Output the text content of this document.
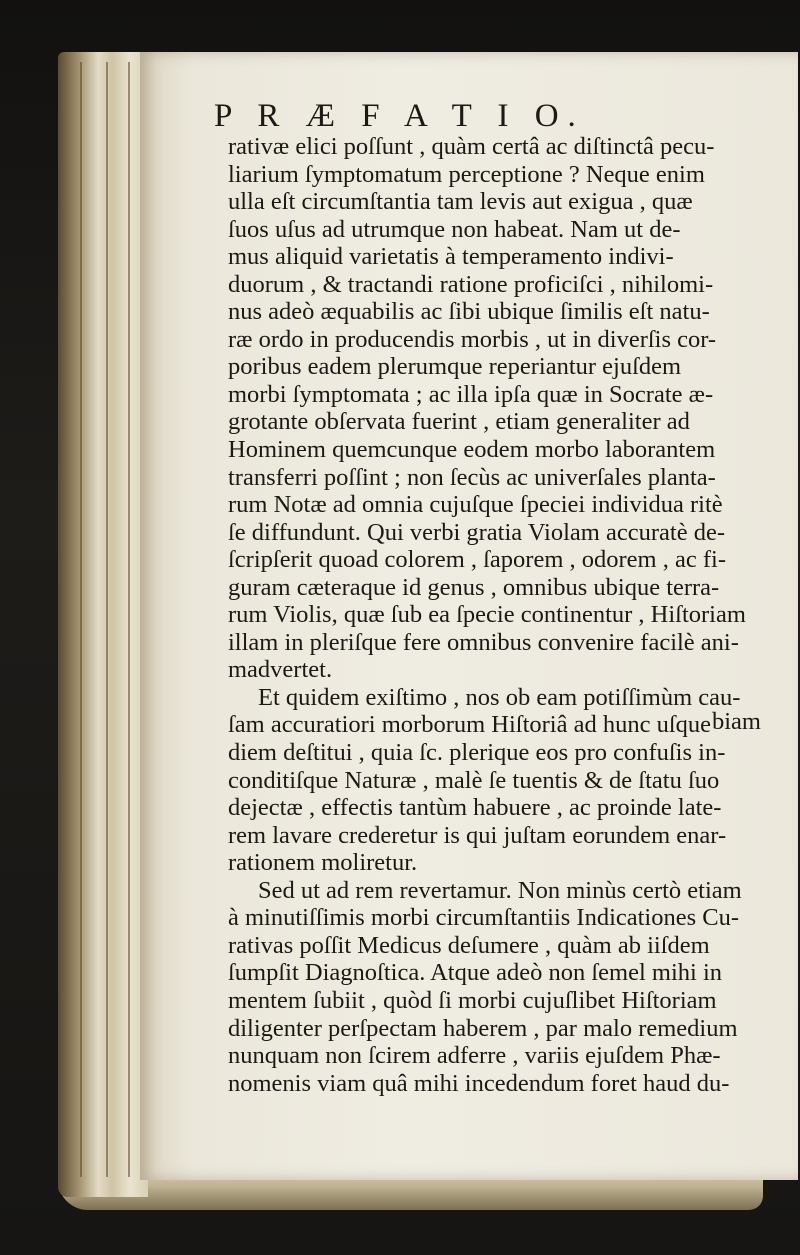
P R Æ F A T I O.
rativæ elici poſſunt , quàm certâ ac diſtinctâ pecu-
liarium ſymptomatum perceptione ? Neque enim
ulla eſt circumſtantia tam levis aut exigua , quæ
ſuos uſus ad utrumque non habeat. Nam ut de-
mus aliquid varietatis à temperamento indivi-
duorum , & tractandi ratione proficiſci , nihilomi-
nus adeò æquabilis ac ſibi ubique ſimilis eſt natu-
ræ ordo in producendis morbis , ut in diverſis cor-
poribus eadem plerumque reperiantur ejuſdem
morbi ſymptomata ; ac illa ipſa quæ in Socrate æ-
grotante obſervata fuerint , etiam generaliter ad
Hominem quemcunque eodem morbo laborantem
transferri poſſint ; non ſecùs ac univerſales planta-
rum Notæ ad omnia cujuſque ſpeciei individua ritè
ſe diffundunt. Qui verbi gratia Violam accuratè de-
ſcripſerit quoad colorem , ſaporem , odorem , ac fi-
guram cæteraque id genus , omnibus ubique terra-
rum Violis, quæ ſub ea ſpecie continentur , Hiſtoriam
illam in pleriſque fere omnibus convenire facilè ani-
madvertet.
Et quidem exiſtimo , nos ob eam potiſſimùm cau-
ſam accuratiori morborum Hiſtoriâ ad hunc uſque
diem deſtitui , quia ſc. plerique eos pro confuſis in-
conditiſque Naturæ , malè ſe tuentis & de ſtatu ſuo
dejectæ , effectis tantùm habuere , ac proinde late-
rem lavare crederetur is qui juſtam eorundem enar-
rationem moliretur.
Sed ut ad rem revertamur. Non minùs certò etiam
à minutiſſimis morbi circumſtantiis Indicationes Cu-
rativas poſſit Medicus deſumere , quàm ab iiſdem
ſumpſit Diagnoſtica. Atque adeò non ſemel mihi in
mentem ſubiit , quòd ſi morbi cujuſlibet Hiſtoriam
diligenter perſpectam haberem , par malo remedium
nunquam non ſcirem adferre , variis ejuſdem Phæ-
nomenis viam quâ mihi incedendum foret haud du-
biam
